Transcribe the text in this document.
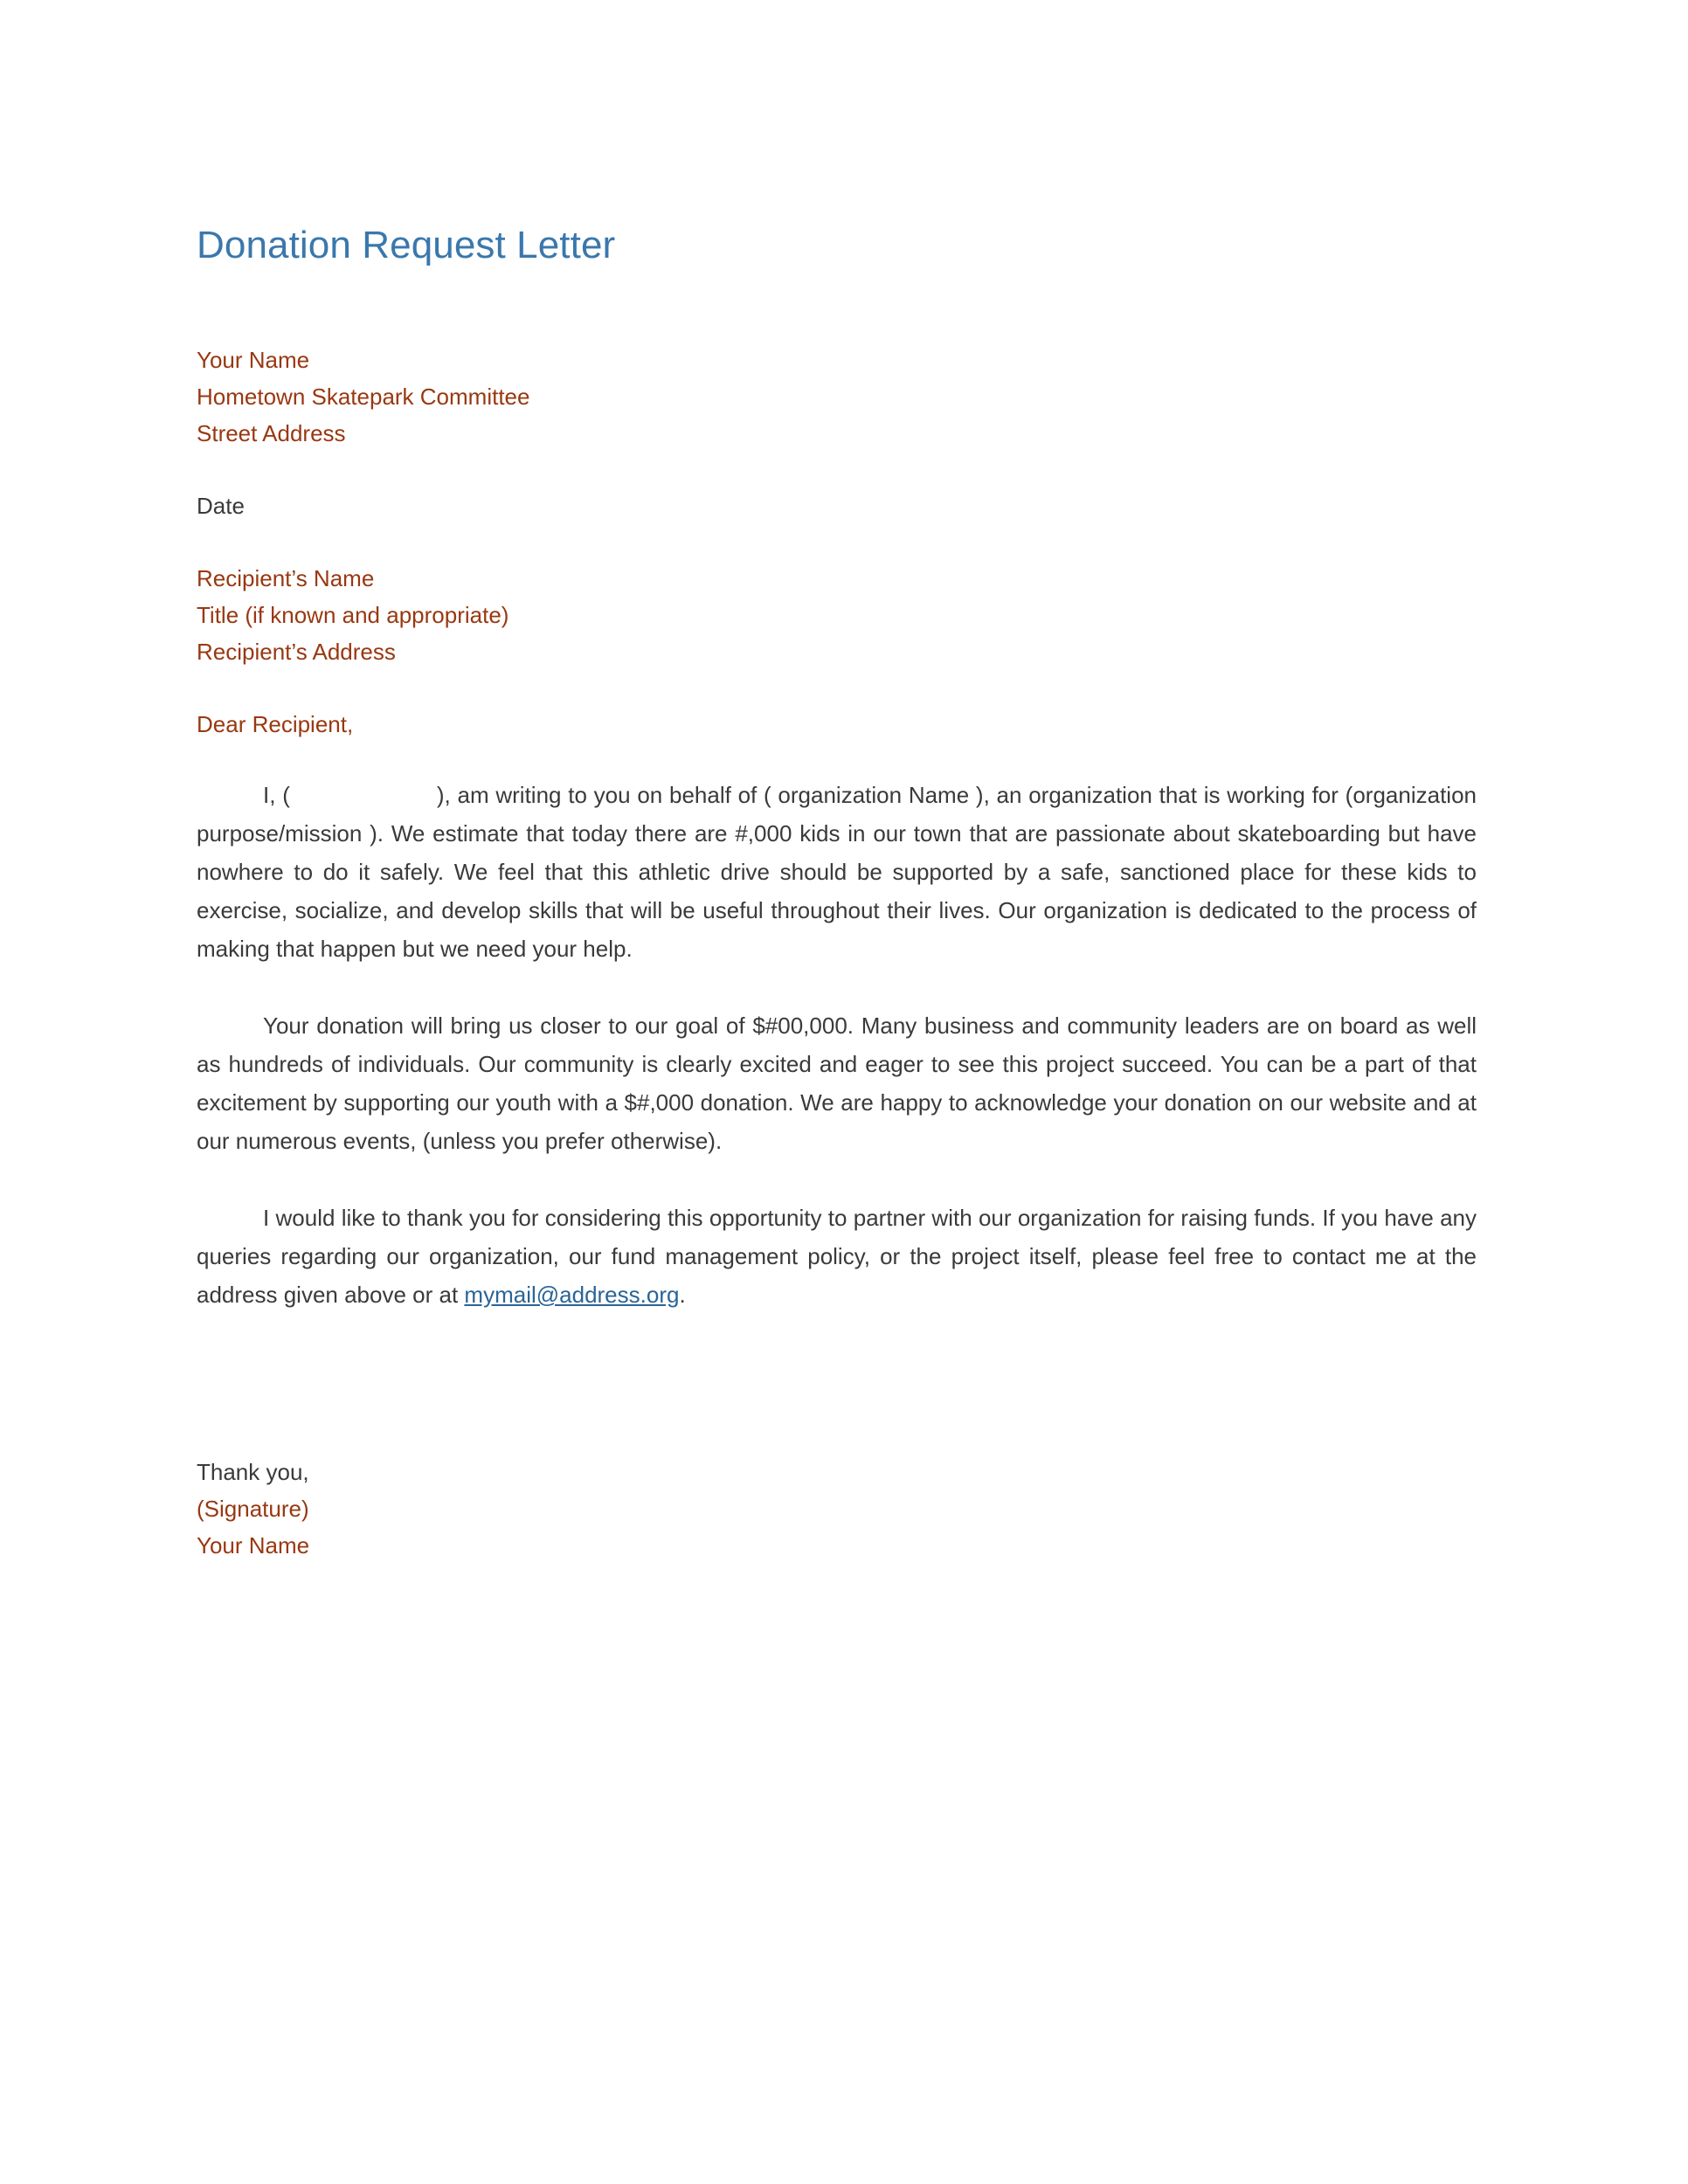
Donation Request Letter
Your Name
Hometown Skatepark Committee
Street Address
Date
Recipient’s Name
Title (if known and appropriate)
Recipient’s Address
Dear Recipient,

I, (	), am writing to you on behalf of ( organization Name ), an organization that is working for (organization purpose/mission ). We estimate that today there are #,000 kids in our town that are passionate about skateboarding but have nowhere to do it safely. We feel that this athletic drive should be supported by a safe, sanctioned place for these kids to exercise, socialize, and develop skills that will be useful throughout their lives. Our organization is dedicated to the process of making that happen but we need your help.

Your donation will bring us closer to our goal of $#00,000. Many business and community leaders are on board as well as hundreds of individuals. Our community is clearly excited and eager to see this project succeed. You can be a part of that excitement by supporting our youth with a $#,000 donation. We are happy to acknowledge your donation on our website and at our numerous events, (unless you prefer otherwise).

I would like to thank you for considering this opportunity to partner with our organization for raising funds. If you have any queries regarding our organization, our fund management policy, or the project itself, please feel free to contact me at the address given above or at mymail@address.org.

Thank you,
(Signature)
Your Name
